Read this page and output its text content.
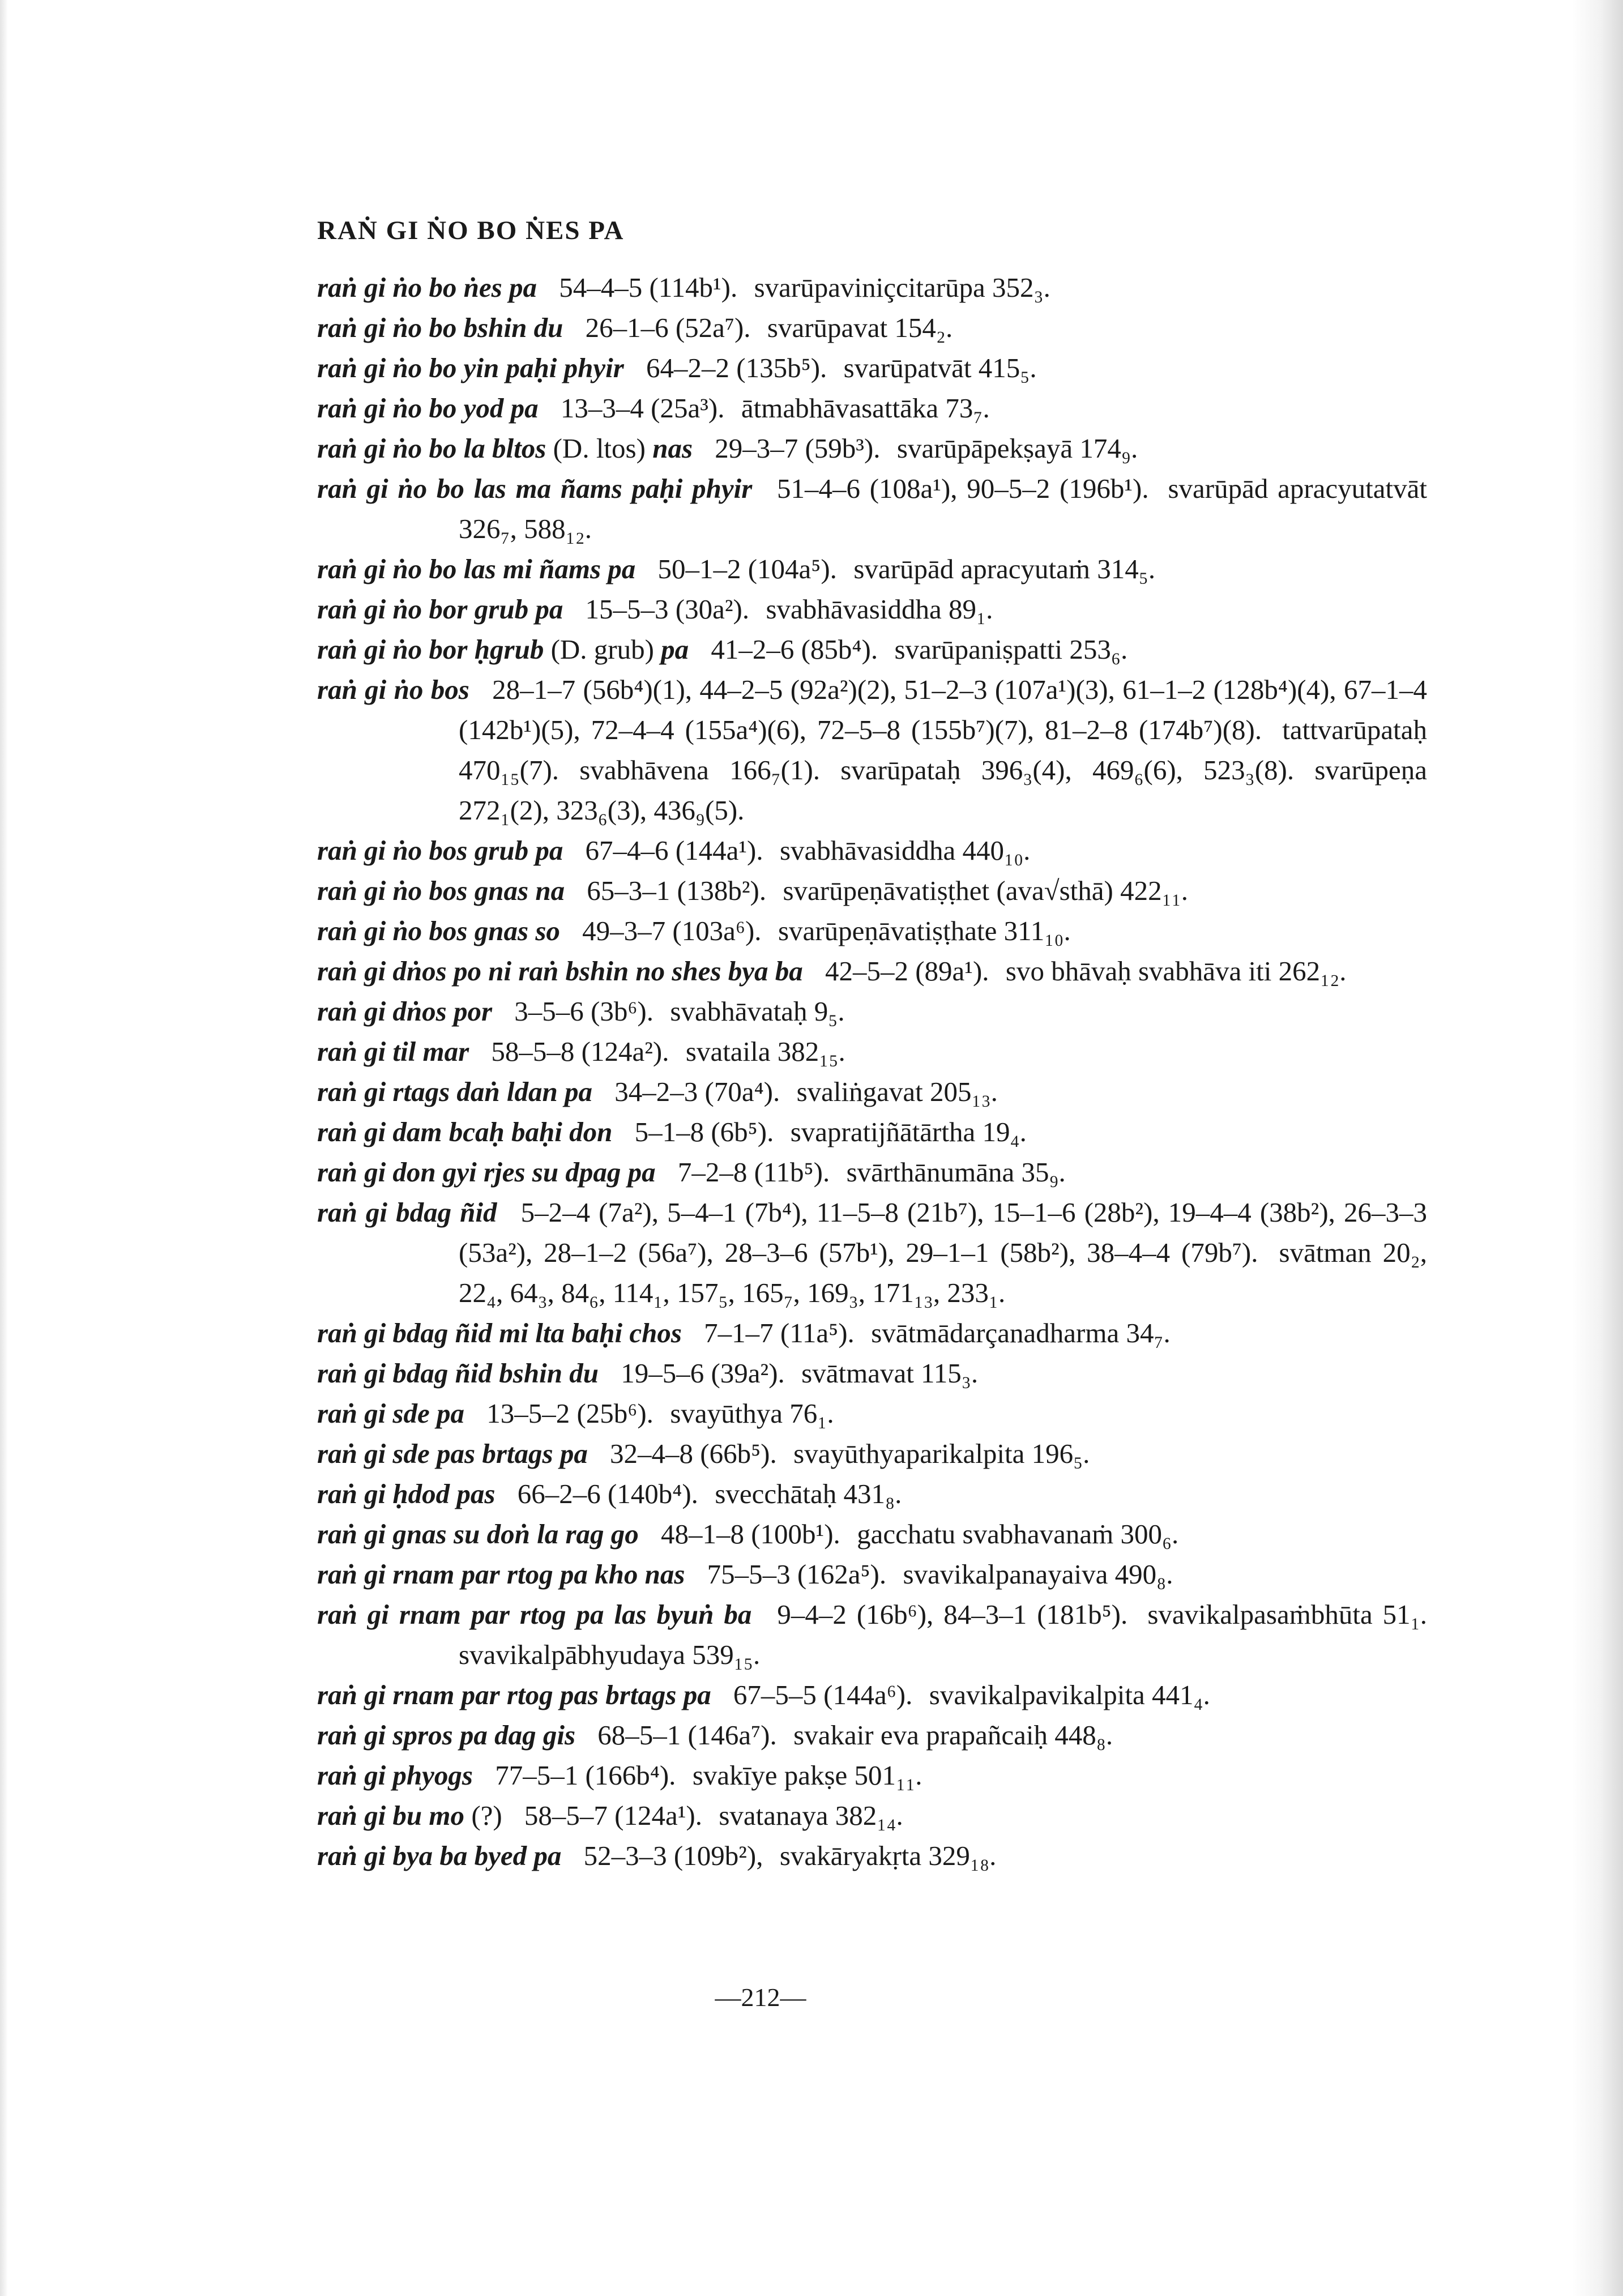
RAṄ GI ṄO BO ṄES PA
raṅ gi ṅo bo ṅes pa 54–4–5 (114b¹). svarūpaviniçcitarūpa 352₃.
raṅ gi ṅo bo bshin du 26–1–6 (52a⁷). svarūpavat 154₂.
raṅ gi ṅo bo yin paḥi phyir 64–2–2 (135b⁵). svarūpatvāt 415₅.
raṅ gi ṅo bo yod pa 13–3–4 (25a³). ātmabhāvasattāka 73₇.
raṅ gi ṅo bo la bltos (D. ltos) nas 29–3–7 (59b³). svarūpāpekṣayā 174₉.
raṅ gi ṅo bo las ma ñams paḥi phyir 51–4–6 (108a¹), 90–5–2 (196b¹). svarūpād apracyutatvāt 326₇, 588₁₂.
raṅ gi ṅo bo las mi ñams pa 50–1–2 (104a⁵). svarūpād apracyutaṁ 314₅.
raṅ gi ṅo bor grub pa 15–5–3 (30a²). svabhāvasiddha 89₁.
raṅ gi ṅo bor ḥgrub (D. grub) pa 41–2–6 (85b⁴). svarūpaniṣpatti 253₆.
raṅ gi ṅo bos 28–1–7 (56b⁴)(1), 44–2–5 (92a²)(2), 51–2–3 (107a¹)(3), 61–1–2 (128b⁴)(4), 67–1–4 (142b¹)(5), 72–4–4 (155a⁴)(6), 72–5–8 (155b⁷)(7), 81–2–8 (174b⁷)(8). tattvarūpataḥ 470₁₅(7). svabhāvena 166₇(1). svarūpataḥ 396₃(4), 469₆(6), 523₃(8). svarūpeṇa 272₁(2), 323₆(3), 436₉(5).
raṅ gi ṅo bos grub pa 67–4–6 (144a¹). svabhāvasiddha 440₁₀.
raṅ gi ṅo bos gnas na 65–3–1 (138b²). svarūpeṇāvatiṣṭhet (ava√sthā) 422₁₁.
raṅ gi ṅo bos gnas so 49–3–7 (103a⁶). svarūpeṇāvatiṣṭhate 311₁₀.
raṅ gi dṅos po ni raṅ bshin no shes bya ba 42–5–2 (89a¹). svo bhāvaḥ svabhāva iti 262₁₂.
raṅ gi dṅos por 3–5–6 (3b⁶). svabhāvataḥ 9₅.
raṅ gi til mar 58–5–8 (124a²). svataila 382₁₅.
raṅ gi rtags daṅ ldan pa 34–2–3 (70a⁴). svaliṅgavat 205₁₃.
raṅ gi dam bcaḥ baḥi don 5–1–8 (6b⁵). svapratijñātārtha 19₄.
raṅ gi don gyi rjes su dpag pa 7–2–8 (11b⁵). svārthānumāna 35₉.
raṅ gi bdag ñid 5–2–4 (7a²), 5–4–1 (7b⁴), 11–5–8 (21b⁷), 15–1–6 (28b²), 19–4–4 (38b²), 26–3–3 (53a²), 28–1–2 (56a⁷), 28–3–6 (57b¹), 29–1–1 (58b²), 38–4–4 (79b⁷). svātman 20₂, 22₄, 64₃, 84₆, 114₁, 157₅, 165₇, 169₃, 171₁₃, 233₁.
raṅ gi bdag ñid mi lta baḥi chos 7–1–7 (11a⁵). svātmādarçanadharma 34₇.
raṅ gi bdag ñid bshin du 19–5–6 (39a²). svātmavat 115₃.
raṅ gi sde pa 13–5–2 (25b⁶). svayūthya 76₁.
raṅ gi sde pas brtags pa 32–4–8 (66b⁵). svayūthyaparikalpita 196₅.
raṅ gi ḥdod pas 66–2–6 (140b⁴). svecchātaḥ 431₈.
raṅ gi gnas su doṅ la rag go 48–1–8 (100b¹). gacchatu svabhavanaṁ 300₆.
raṅ gi rnam par rtog pa kho nas 75–5–3 (162a⁵). svavikalpanayaiva 490₈.
raṅ gi rnam par rtog pa las byuṅ ba 9–4–2 (16b⁶), 84–3–1 (181b⁵). svavikalpasaṁbhūta 51₁. svavikalpābhyudaya 539₁₅.
raṅ gi rnam par rtog pas brtags pa 67–5–5 (144a⁶). svavikalpavikalpita 441₄.
raṅ gi spros pa dag gis 68–5–1 (146a⁷). svakair eva prapañcaiḥ 448₈.
raṅ gi phyogs 77–5–1 (166b⁴). svakīye pakṣe 501₁₁.
raṅ gi bu mo (?) 58–5–7 (124a¹). svatanaya 382₁₄.
raṅ gi bya ba byed pa 52–3–3 (109b²), svakāryakṛta 329₁₈.
—212—
